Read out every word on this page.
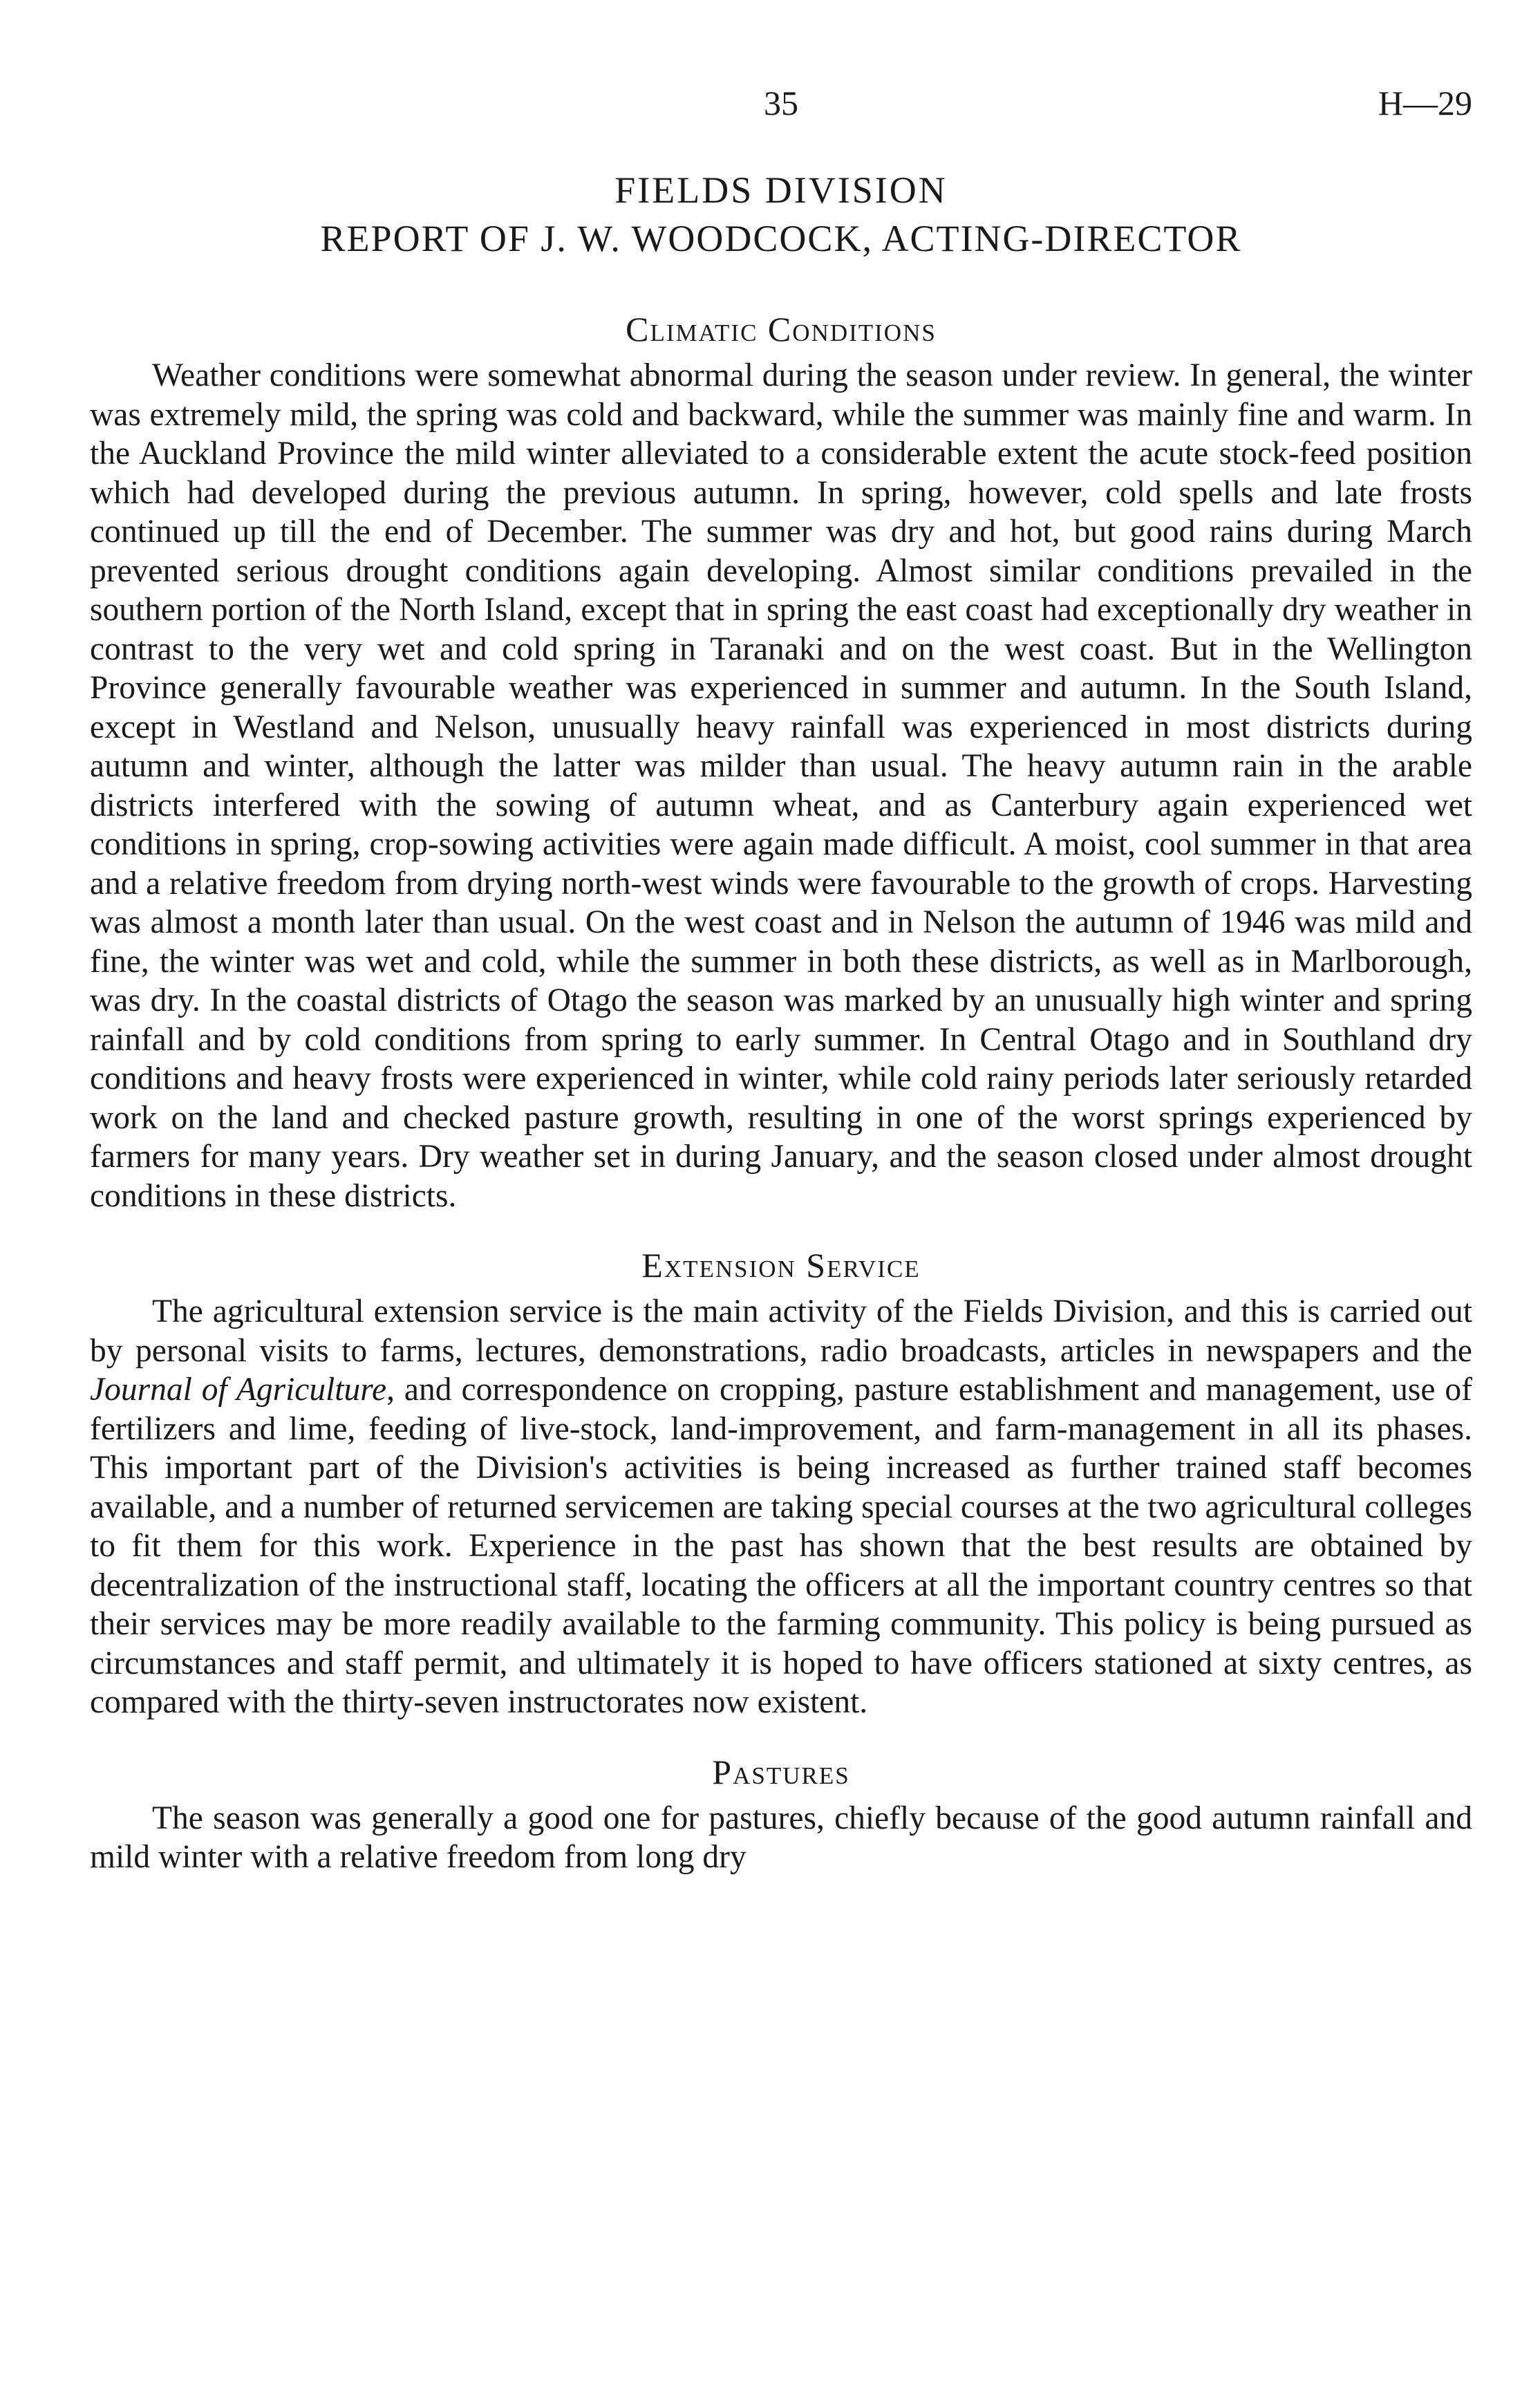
35	H—29
FIELDS DIVISION
REPORT OF J. W. WOODCOCK, ACTING-DIRECTOR
Climatic Conditions

Weather conditions were somewhat abnormal during the season under review. In general, the winter was extremely mild, the spring was cold and backward, while the summer was mainly fine and warm. In the Auckland Province the mild winter alleviated to a considerable extent the acute stock-feed position which had developed during the previous autumn. In spring, however, cold spells and late frosts continued up till the end of December. The summer was dry and hot, but good rains during March prevented serious drought conditions again developing. Almost similar conditions prevailed in the southern portion of the North Island, except that in spring the east coast had exceptionally dry weather in contrast to the very wet and cold spring in Taranaki and on the west coast. But in the Wellington Province generally favourable weather was experienced in summer and autumn. In the South Island, except in Westland and Nelson, unusually heavy rainfall was experienced in most districts during autumn and winter, although the latter was milder than usual. The heavy autumn rain in the arable districts interfered with the sowing of autumn wheat, and as Canterbury again experienced wet conditions in spring, crop-sowing activities were again made difficult. A moist, cool summer in that area and a relative freedom from drying north-west winds were favourable to the growth of crops. Harvesting was almost a month later than usual. On the west coast and in Nelson the autumn of 1946 was mild and fine, the winter was wet and cold, while the summer in both these districts, as well as in Marlborough, was dry. In the coastal districts of Otago the season was marked by an unusually high winter and spring rainfall and by cold conditions from spring to early summer. In Central Otago and in Southland dry conditions and heavy frosts were experienced in winter, while cold rainy periods later seriously retarded work on the land and checked pasture growth, resulting in one of the worst springs experienced by farmers for many years. Dry weather set in during January, and the season closed under almost drought conditions in these districts.

Extension Service

The agricultural extension service is the main activity of the Fields Division, and this is carried out by personal visits to farms, lectures, demonstrations, radio broadcasts, articles in newspapers and the Journal of Agriculture, and correspondence on cropping, pasture establishment and management, use of fertilizers and lime, feeding of live-stock, land-improvement, and farm-management in all its phases. This important part of the Division's activities is being increased as further trained staff becomes available, and a number of returned servicemen are taking special courses at the two agricultural colleges to fit them for this work. Experience in the past has shown that the best results are obtained by decentralization of the instructional staff, locating the officers at all the important country centres so that their services may be more readily available to the farming community. This policy is being pursued as circumstances and staff permit, and ultimately it is hoped to have officers stationed at sixty centres, as compared with the thirty-seven instructorates now existent.

Pastures

The season was generally a good one for pastures, chiefly because of the good autumn rainfall and mild winter with a relative freedom from long dry
